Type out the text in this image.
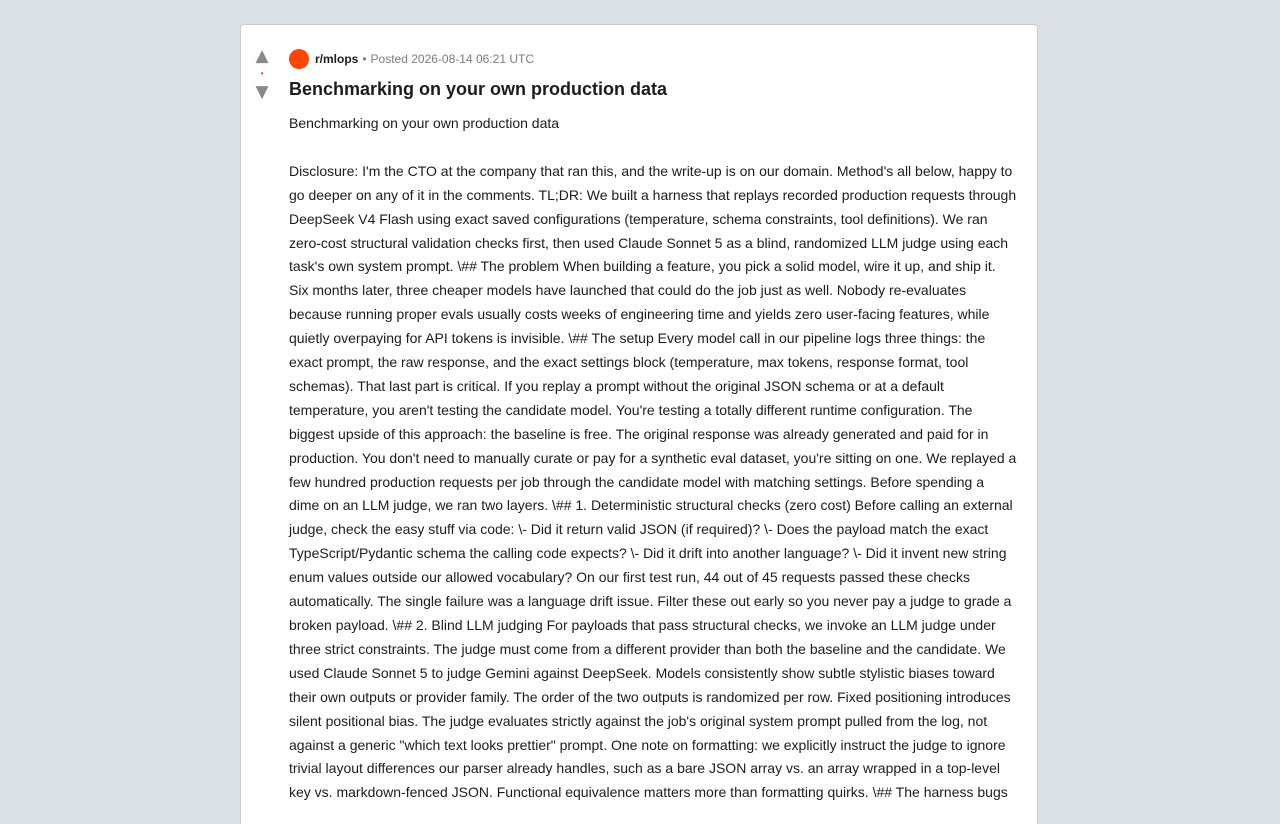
▲
•
▼
r/mlops • Posted 2026-08-14 06:21 UTC
Benchmarking on your own production data

Benchmarking on your own production data

Disclosure: I'm the CTO at the company that ran this, and the write-up is on our domain. Method's all below, happy to go deeper on any of it in the comments. TL;DR: We built a harness that replays recorded production requests through DeepSeek V4 Flash using exact saved configurations (temperature, schema constraints, tool definitions). We ran zero-cost structural validation checks first, then used Claude Sonnet 5 as a blind, randomized LLM judge using each task's own system prompt. \## The problem When building a feature, you pick a solid model, wire it up, and ship it. Six months later, three cheaper models have launched that could do the job just as well. Nobody re-evaluates because running proper evals usually costs weeks of engineering time and yields zero user-facing features, while quietly overpaying for API tokens is invisible. \## The setup Every model call in our pipeline logs three things: the exact prompt, the raw response, and the exact settings block (temperature, max tokens, response format, tool schemas). That last part is critical. If you replay a prompt without the original JSON schema or at a default temperature, you aren't testing the candidate model. You're testing a totally different runtime configuration. The biggest upside of this approach: the baseline is free. The original response was already generated and paid for in production. You don't need to manually curate or pay for a synthetic eval dataset, you're sitting on one. We replayed a few hundred production requests per job through the candidate model with matching settings. Before spending a dime on an LLM judge, we ran two layers. \## 1. Deterministic structural checks (zero cost) Before calling an external judge, check the easy stuff via code: \- Did it return valid JSON (if required)? \- Does the payload match the exact TypeScript/Pydantic schema the calling code expects? \- Did it drift into another language? \- Did it invent new string enum values outside our allowed vocabulary? On our first test run, 44 out of 45 requests passed these checks automatically. The single failure was a language drift issue. Filter these out early so you never pay a judge to grade a broken payload. \## 2. Blind LLM judging For payloads that pass structural checks, we invoke an LLM judge under three strict constraints. The judge must come from a different provider than both the baseline and the candidate. We used Claude Sonnet 5 to judge Gemini against DeepSeek. Models consistently show subtle stylistic biases toward their own outputs or provider family. The order of the two outputs is randomized per row. Fixed positioning introduces silent positional bias. The judge evaluates strictly against the job's original system prompt pulled from the log, not against a generic "which text looks prettier" prompt. One note on formatting: we explicitly instruct the judge to ignore trivial layout differences our parser already handles, such as a bare JSON array vs. an array wrapped in a top-level key vs. markdown-fenced JSON. Functional equivalence matters more than formatting quirks. \## The harness bugs
